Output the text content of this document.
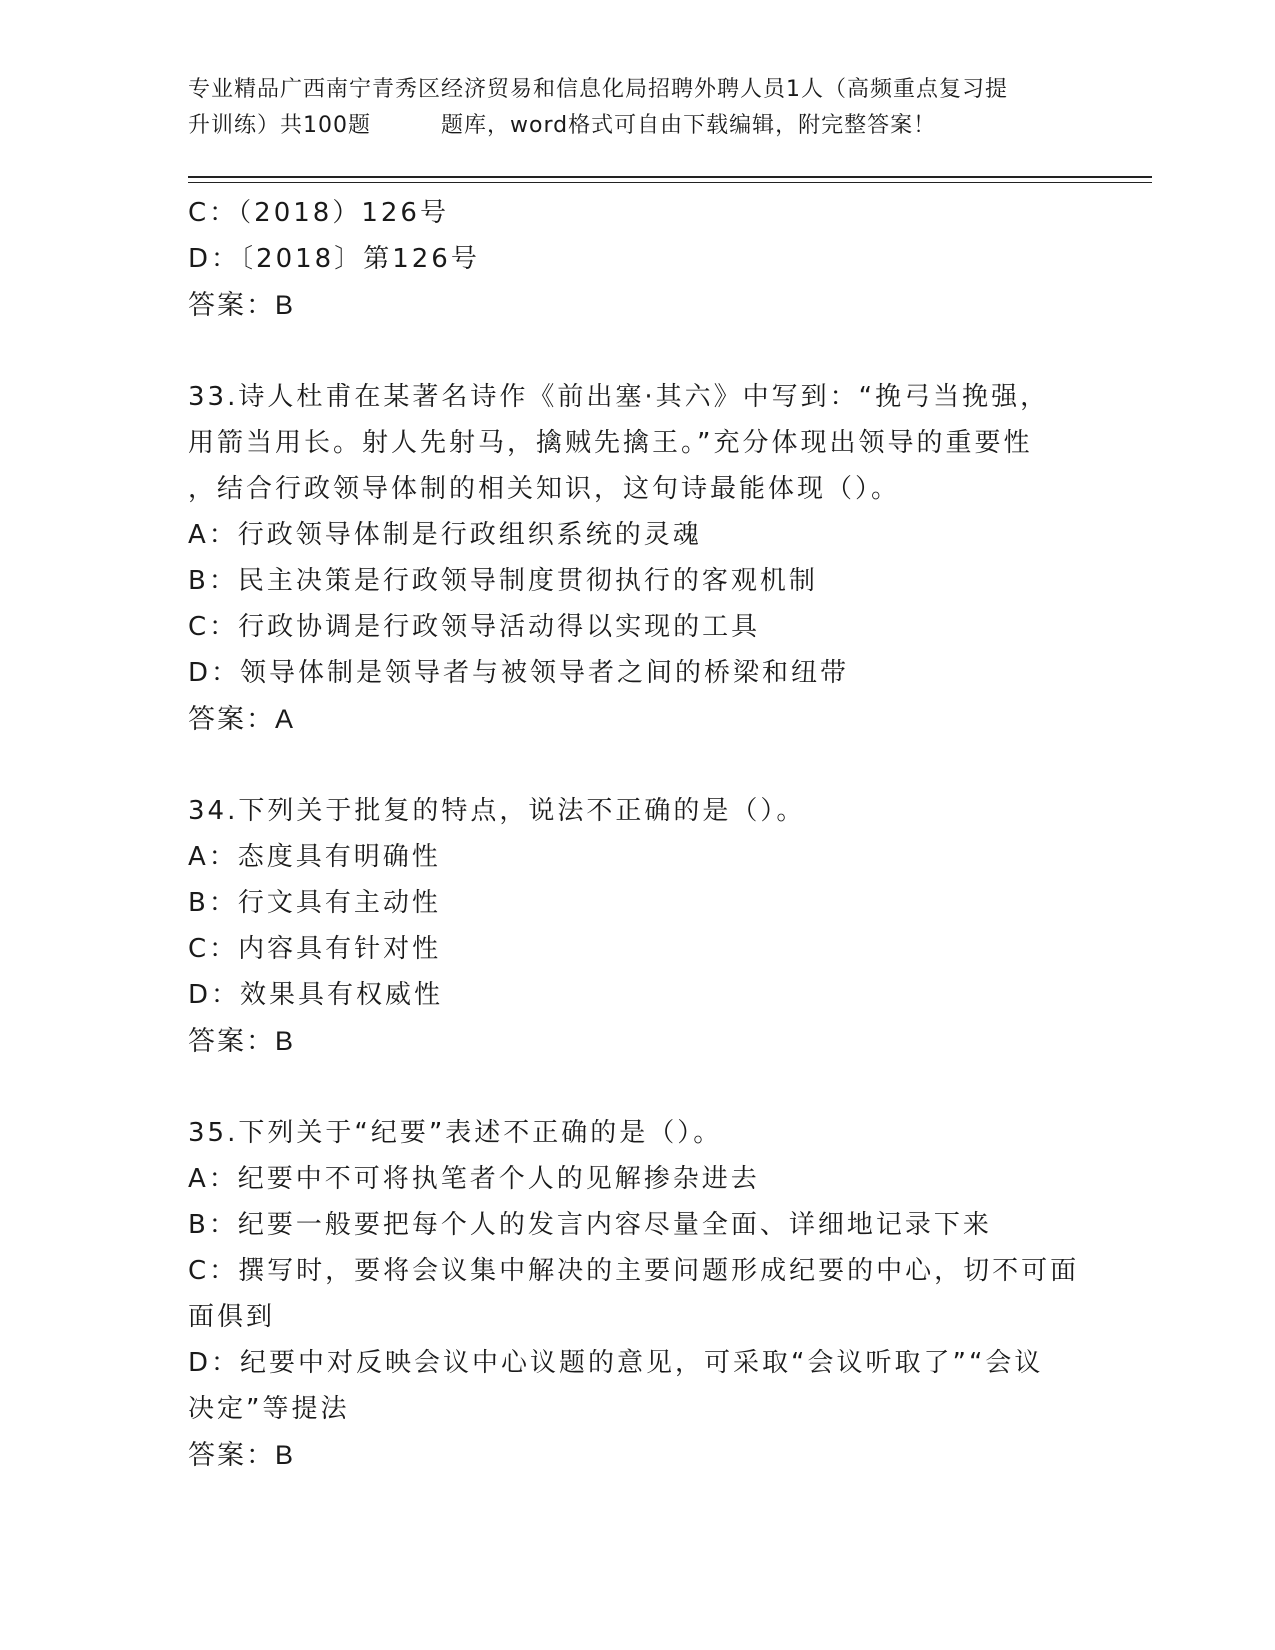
专业精品广西南宁青秀区经济贸易和信息化局招聘外聘人员1人（高频重点复习提
升训练）共100题	题库，word格式可自由下载编辑，附完整答案！
C：（2018）126号
D：〔2018〕第126号
答案：B
33.诗人杜甫在某著名诗作《前出塞·其六》中写到：“挽弓当挽强，
用箭当用长。射人先射马，擒贼先擒王。”充分体现出领导的重要性
，结合行政领导体制的相关知识，这句诗最能体现（）。
A：行政领导体制是行政组织系统的灵魂
B：民主决策是行政领导制度贯彻执行的客观机制
C：行政协调是行政领导活动得以实现的工具
D：领导体制是领导者与被领导者之间的桥梁和纽带
答案：A
34.下列关于批复的特点，说法不正确的是（）。
A：态度具有明确性
B：行文具有主动性
C：内容具有针对性
D：效果具有权威性
答案：B
35.下列关于“纪要”表述不正确的是（）。
A：纪要中不可将执笔者个人的见解掺杂进去
B：纪要一般要把每个人的发言内容尽量全面、详细地记录下来
C：撰写时，要将会议集中解决的主要问题形成纪要的中心，切不可面
面俱到
D：纪要中对反映会议中心议题的意见，可采取“会议听取了”“会议
决定”等提法
答案：B
